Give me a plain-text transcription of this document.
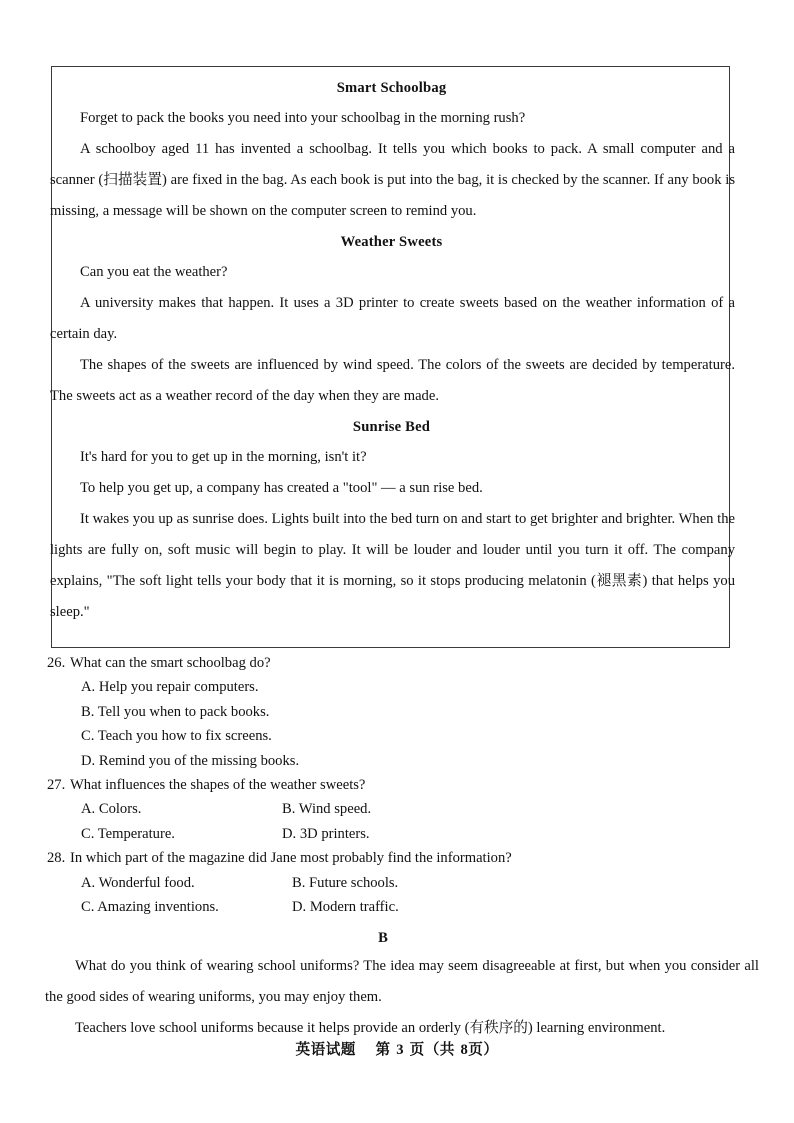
Smart Schoolbag

Forget to pack the books you need into your schoolbag in the morning rush?

A schoolboy aged 11 has invented a schoolbag. It tells you which books to pack. A small computer and a scanner (扫描装置) are fixed in the bag. As each book is put into the bag, it is checked by the scanner. If any book is missing, a message will be shown on the computer screen to remind you.

Weather Sweets

Can you eat the weather?

A university makes that happen. It uses a 3D printer to create sweets based on the weather information of a certain day.

The shapes of the sweets are influenced by wind speed. The colors of the sweets are decided by temperature. The sweets act as a weather record of the day when they are made.

Sunrise Bed

It's hard for you to get up in the morning, isn't it?

To help you get up, a company has created a "tool" — a sun rise bed.

It wakes you up as sunrise does. Lights built into the bed turn on and start to get brighter and brighter. When the lights are fully on, soft music will begin to play. It will be louder and louder until you turn it off. The company explains, "The soft light tells your body that it is morning, so it stops producing melatonin (褪黑素) that helps you sleep."

26. What can the smart schoolbag do?
A. Help you repair computers.
B. Tell you when to pack books.
C. Teach you how to fix screens.
D. Remind you of the missing books.
27. What influences the shapes of the weather sweets?
A. Colors.	B. Wind speed.
C. Temperature.	D. 3D printers.
28. In which part of the magazine did Jane most probably find the information?
A. Wonderful food.	B. Future schools.
C. Amazing inventions.	D. Modern traffic.
B

What do you think of wearing school uniforms? The idea may seem disagreeable at first, but when you consider all the good sides of wearing uniforms, you may enjoy them.

Teachers love school uniforms because it helps provide an orderly (有秩序的) learning environment.

英语试题 第 3 页（共 8页）
